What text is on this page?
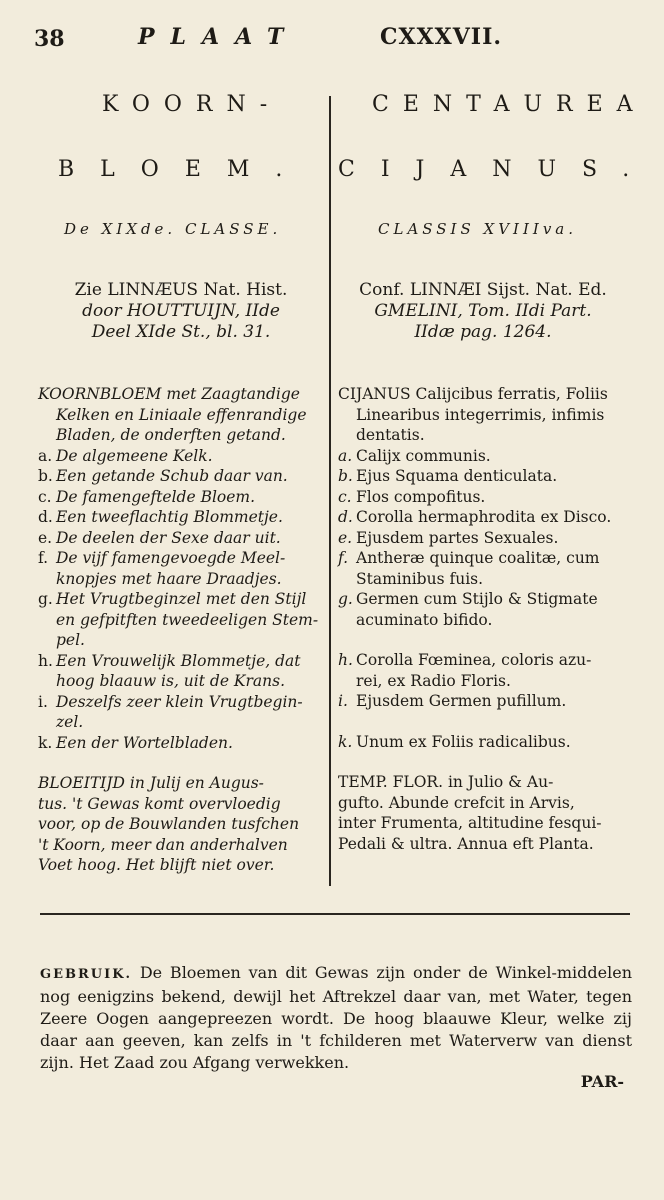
38	PLAAT	CXXXVII.
KOORN-
BLOEM.
De XIXde. CLASSE.
Zie LINNÆUS Nat. Hist.
door HOUTTUIJN, IIde
Deel XIde St., bl. 31.
CENTAUREA
CIJANUS.
CLASSIS XVIIIva.
Conf. LINNÆI Sijst. Nat. Ed.
GMELINI, Tom. IIdi Part.
IIdæ pag. 1264.

KOORNBLOEM met Zaagtandige

Kelken en Liniaale effenrandige

Bladen, de onderften getand.

a. De algemeene Kelk.
b. Een getande Schub daar van.
c. De famengeftelde Bloem.
d. Een tweeflachtig Blommetje.
e. De deelen der Sexe daar uit.
f. De vijf famengevoegde Meel-

knopjes met haare Draadjes.

g. Het Vrugtbeginzel met den Stijl

en gefpitften tweedeeligen Stem-

pel.

h. Een Vrouwelijk Blommetje, dat

hoog blaauw is, uit de Krans.

i. Deszelfs zeer klein Vrugtbegin-

zel.

k. Een der Wortelbladen.

BLOEITIJD in Julij en Augus-

tus. 't Gewas komt overvloedig

voor, op de Bouwlanden tusfchen

't Koorn, meer dan anderhalven

Voet hoog. Het blijft niet over.

CIJANUS Calijcibus ferratis, Foliis

Linearibus integerrimis, infimis

dentatis.

a. Calijx communis.
b. Ejus Squama denticulata.
c. Flos compofitus.
d. Corolla hermaphrodita ex Disco.
e. Ejusdem partes Sexuales.
f. Antheræ quinque coalitæ, cum

Staminibus fuis.

g. Germen cum Stijlo & Stigmate

acuminato bifido.

h. Corolla Fœminea, coloris azu-

rei, ex Radio Floris.

i. Ejusdem Germen pufillum.
k. Unum ex Foliis radicalibus.

TEMP. FLOR. in Julio & Au-

gufto. Abunde crefcit in Arvis,

inter Frumenta, altitudine fesqui-

Pedali & ultra. Annua eft Planta.

GEBRUIK. De Bloemen van dit Gewas zijn onder de Winkel-middelen nog eenigzins bekend, dewijl het Aftrekzel daar van, met Water, tegen Zeere Oogen aangepreezen wordt. De hoog blaauwe Kleur, welke zij daar aan geeven, kan zelfs in 't fchilderen met Waterverw van dienst zijn. Het Zaad zou Afgang verwekken.
PAR-
